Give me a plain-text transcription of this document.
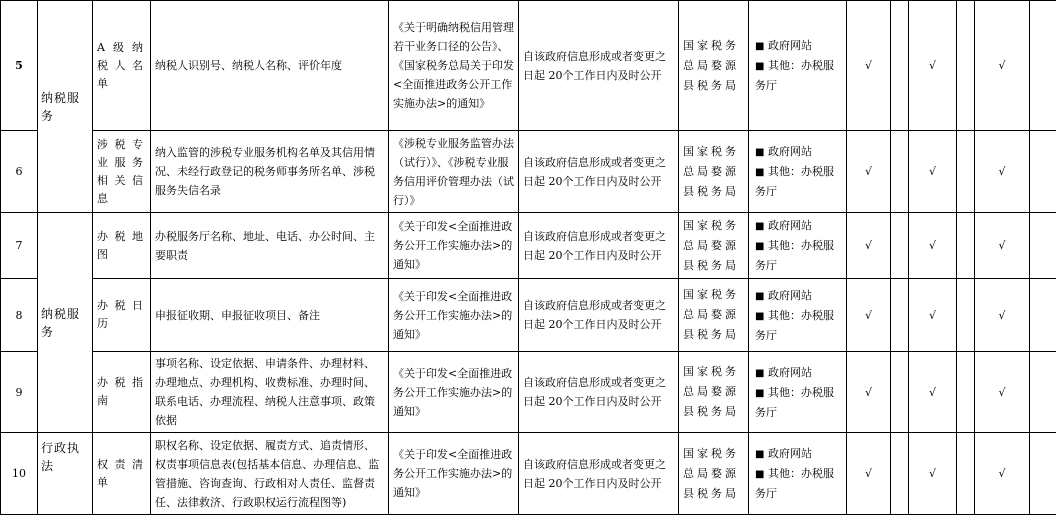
5	纳税服务	A级纳税人名单	纳税人识别号、纳税人名称、评价年度	《关于明确纳税信用管理若干业务口径的公告》、《国家税务总局关于印发<全面推进政务公开工作实施办法>的通知》	自该政府信息形成或者变更之日起 20个工作日内及时公开	国家税务总局婺源县税务局	■ 政府网站
■ 其他：办税服务厅	√		√		√	
6		涉税专业服务相关信息	纳入监管的涉税专业服务机构名单及其信用情况、未经行政登记的税务师事务所名单、涉税服务失信名录	《涉税专业服务监管办法（试行）》、《涉税专业服务信用评价管理办法（试行）》	自该政府信息形成或者变更之日起 20个工作日内及时公开	国家税务总局婺源县税务局	■ 政府网站
■ 其他：办税服务厅	√		√		√	
7	纳税服务	办税地图	办税服务厅名称、地址、电话、办公时间、主要职责	《关于印发<全面推进政务公开工作实施办法>的通知》	自该政府信息形成或者变更之日起 20个工作日内及时公开	国家税务总局婺源县税务局	■ 政府网站
■ 其他：办税服务厅	√		√		√	
8		办税日历	申报征收期、申报征收项目、备注	《关于印发<全面推进政务公开工作实施办法>的通知》	自该政府信息形成或者变更之日起 20个工作日内及时公开	国家税务总局婺源县税务局	■ 政府网站
■ 其他：办税服务厅	√		√		√	
9		办税指南	事项名称、设定依据、申请条件、办理材料、办理地点、办理机构、收费标准、办理时间、联系电话、办理流程、纳税人注意事项、政策依据	《关于印发<全面推进政务公开工作实施办法>的通知》	自该政府信息形成或者变更之日起 20个工作日内及时公开	国家税务总局婺源县税务局	■ 政府网站
■ 其他：办税服务厅	√		√		√	
10	行政执法	权责清单	职权名称、设定依据、履责方式、追责情形、权责事项信息表(包括基本信息、办理信息、监管措施、咨询查询、行政相对人责任、监督责任、法律救济、行政职权运行流程图等)	《关于印发<全面推进政务公开工作实施办法>的通知》	自该政府信息形成或者变更之日起 20个工作日内及时公开	国家税务总局婺源县税务局	■ 政府网站
■ 其他：办税服务厅	√		√		√	
